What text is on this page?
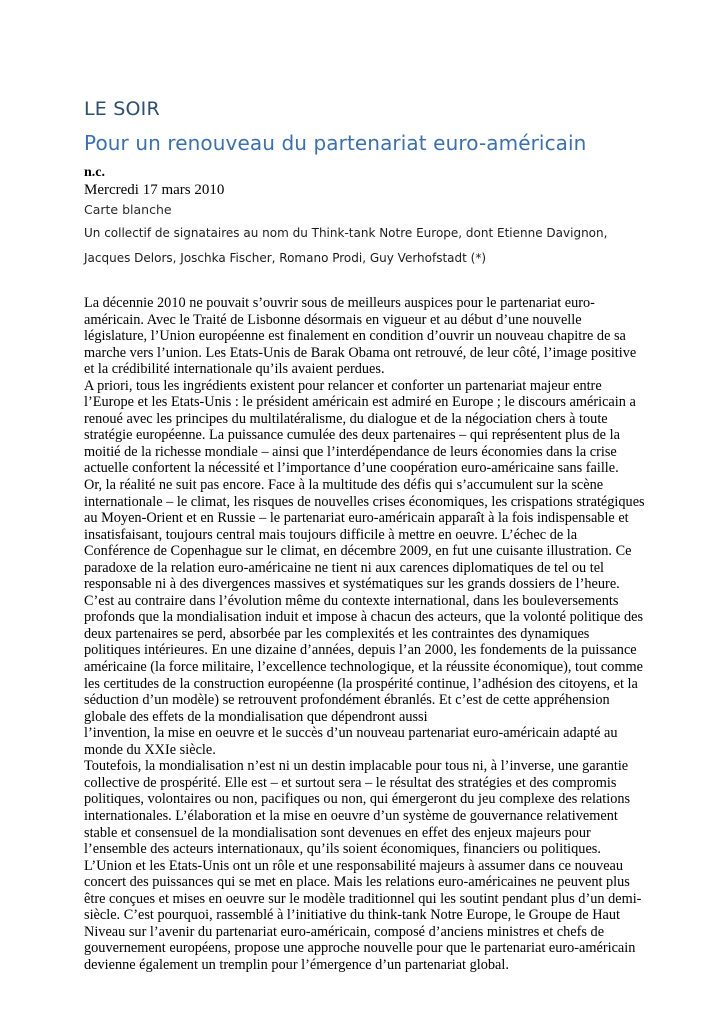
LE SOIR
Pour un renouveau du partenariat euro-américain
n.c.
Mercredi 17 mars 2010
Carte blanche
Un collectif de signataires au nom du Think-tank Notre Europe, dont Etienne Davignon, Jacques Delors, Joschka Fischer, Romano Prodi, Guy Verhofstadt (*)

La décennie 2010 ne pouvait s’ouvrir sous de meilleurs auspices pour le partenariat euro-américain. Avec le Traité de Lisbonne désormais en vigueur et au début d’une nouvelle législature, l’Union européenne est finalement en condition d’ouvrir un nouveau chapitre de sa marche vers l’union. Les Etats-Unis de Barak Obama ont retrouvé, de leur côté, l’image positive et la crédibilité internationale qu’ils avaient perdues.

A priori, tous les ingrédients existent pour relancer et conforter un partenariat majeur entre l’Europe et les Etats-Unis : le président américain est admiré en Europe ; le discours américain a renoué avec les principes du multilatéralisme, du dialogue et de la négociation chers à toute stratégie européenne. La puissance cumulée des deux partenaires – qui représentent plus de la moitié de la richesse mondiale – ainsi que l’interdépendance de leurs économies dans la crise actuelle confortent la nécessité et l’importance d’une coopération euro-américaine sans faille.

Or, la réalité ne suit pas encore. Face à la multitude des défis qui s’accumulent sur la scène internationale – le climat, les risques de nouvelles crises économiques, les crispations stratégiques au Moyen-Orient et en Russie – le partenariat euro-américain apparaît à la fois indispensable et insatisfaisant, toujours central mais toujours difficile à mettre en oeuvre. L’échec de la Conférence de Copenhague sur le climat, en décembre 2009, en fut une cuisante illustration. Ce paradoxe de la relation euro-américaine ne tient ni aux carences diplomatiques de tel ou tel responsable ni à des divergences massives et systématiques sur les grands dossiers de l’heure. C’est au contraire dans l’évolution même du contexte international, dans les bouleversements profonds que la mondialisation induit et impose à chacun des acteurs, que la volonté politique des deux partenaires se perd, absorbée par les complexités et les contraintes des dynamiques politiques intérieures. En une dizaine d’années, depuis l’an 2000, les fondements de la puissance américaine (la force militaire, l’excellence technologique, et la réussite économique), tout comme les certitudes de la construction européenne (la prospérité continue, l’adhésion des citoyens, et la séduction d’un modèle) se retrouvent profondément ébranlés. Et c’est de cette appréhension globale des effets de la mondialisation que dépendront aussi

l’invention, la mise en oeuvre et le succès d’un nouveau partenariat euro-américain adapté au monde du XXIe siècle.

Toutefois, la mondialisation n’est ni un destin implacable pour tous ni, à l’inverse, une garantie collective de prospérité. Elle est – et surtout sera – le résultat des stratégies et des compromis politiques, volontaires ou non, pacifiques ou non, qui émergeront du jeu complexe des relations internationales. L’élaboration et la mise en oeuvre d’un système de gouvernance relativement stable et consensuel de la mondialisation sont devenues en effet des enjeux majeurs pour l’ensemble des acteurs internationaux, qu’ils soient économiques, financiers ou politiques.

L’Union et les Etats-Unis ont un rôle et une responsabilité majeurs à assumer dans ce nouveau concert des puissances qui se met en place. Mais les relations euro-américaines ne peuvent plus être conçues et mises en oeuvre sur le modèle traditionnel qui les soutint pendant plus d’un demi-siècle. C’est pourquoi, rassemblé à l’initiative du think-tank Notre Europe, le Groupe de Haut Niveau sur l’avenir du partenariat euro-américain, composé d’anciens ministres et chefs de gouvernement européens, propose une approche nouvelle pour que le partenariat euro-américain devienne également un tremplin pour l’émergence d’un partenariat global.
